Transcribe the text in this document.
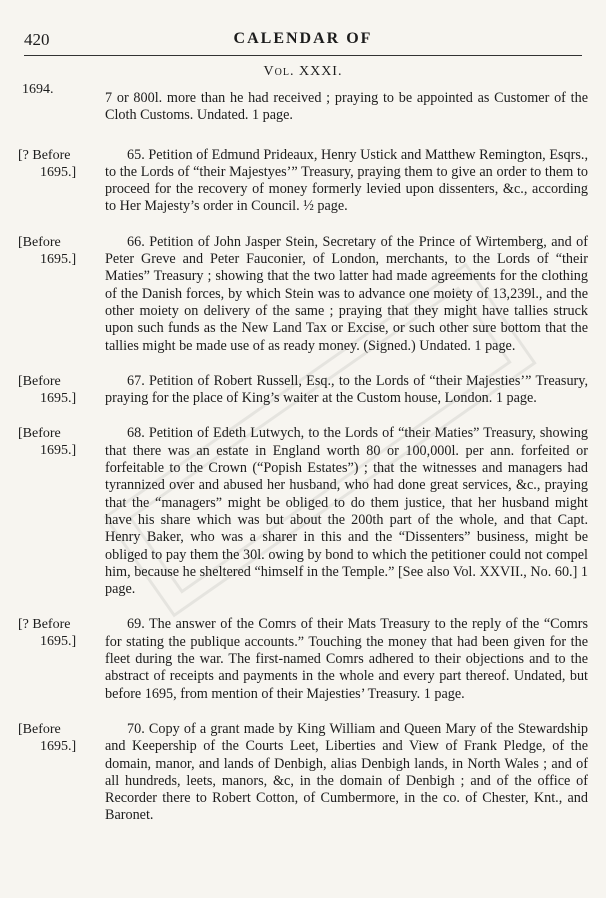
420	CALENDAR OF
Vol. XXXI.
1694.
7 or 800l. more than he had received ; praying to be appointed as Customer of the Cloth Customs. Undated. 1 page.
[? Before
1695.]
65. Petition of Edmund Prideaux, Henry Ustick and Matthew Remington, Esqrs., to the Lords of “their Majestyes’” Treasury, praying them to give an order to them to proceed for the recovery of money formerly levied upon dissenters, &c., according to Her Majesty’s order in Council. ½ page.
[Before
1695.]
66. Petition of John Jasper Stein, Secretary of the Prince of Wirtemberg, and of Peter Greve and Peter Fauconier, of London, merchants, to the Lords of “their Maties” Treasury ; showing that the two latter had made agreements for the clothing of the Danish forces, by which Stein was to advance one moiety of 13,239l., and the other moiety on delivery of the same ; praying that they might have tallies struck upon such funds as the New Land Tax or Excise, or such other sure bottom that the tallies might be made use of as ready money. (Signed.) Undated. 1 page.
[Before
1695.]
67. Petition of Robert Russell, Esq., to the Lords of “their Majesties’” Treasury, praying for the place of King’s waiter at the Custom house, London. 1 page.
[Before
1695.]
68. Petition of Edeth Lutwych, to the Lords of “their Maties” Treasury, showing that there was an estate in England worth 80 or 100,000l. per ann. forfeited or forfeitable to the Crown (“Popish Estates”) ; that the witnesses and managers had tyrannized over and abused her husband, who had done great services, &c., praying that the “managers” might be obliged to do them justice, that her husband might have his share which was but about the 200th part of the whole, and that Capt. Henry Baker, who was a sharer in this and the “Dissenters” business, might be obliged to pay them the 30l. owing by bond to which the petitioner could not compel him, because he sheltered “himself in the Temple.” [See also Vol. XXVII., No. 60.] 1 page.
[? Before
1695.]
69. The answer of the Comrs of their Mats Treasury to the reply of the “Comrs for stating the publique accounts.” Touching the money that had been given for the fleet during the war. The first-named Comrs adhered to their objections and to the abstract of receipts and payments in the whole and every part thereof. Undated, but before 1695, from mention of their Majesties’ Treasury. 1 page.
[Before
1695.]
70. Copy of a grant made by King William and Queen Mary of the Stewardship and Keepership of the Courts Leet, Liberties and View of Frank Pledge, of the domain, manor, and lands of Denbigh, alias Denbigh lands, in North Wales ; and of all hundreds, leets, manors, &c, in the domain of Denbigh ; and of the office of Recorder there to Robert Cotton, of Cumbermore, in the co. of Chester, Knt., and Baronet.
